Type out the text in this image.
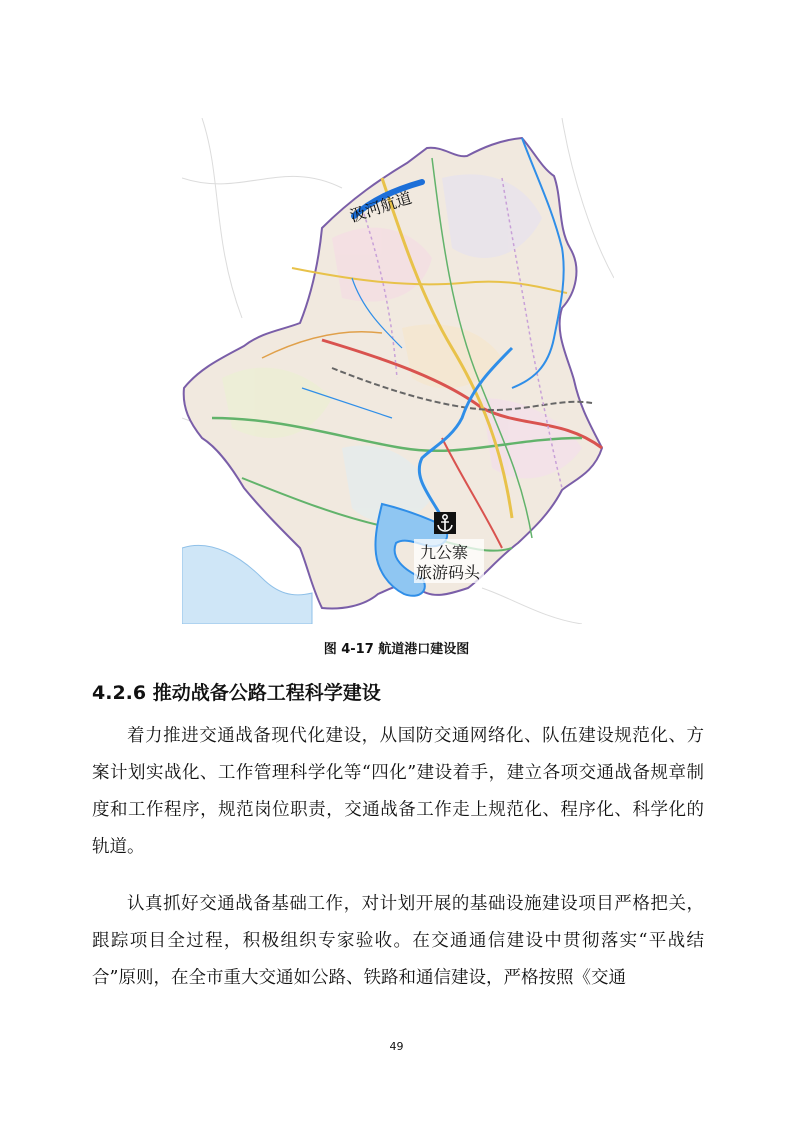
汲河航道
九公寨
旅游码头
图 4-17 航道港口建设图
4.2.6 推动战备公路工程科学建设

着力推进交通战备现代化建设，从国防交通网络化、队伍建设规范化、方案计划实战化、工作管理科学化等“四化”建设着手，建立各项交通战备规章制度和工作程序，规范岗位职责，交通战备工作走上规范化、程序化、科学化的轨道。

认真抓好交通战备基础工作，对计划开展的基础设施建设项目严格把关，跟踪项目全过程，积极组织专家验收。在交通通信建设中贯彻落实“平战结合”原则，在全市重大交通如公路、铁路和通信建设，严格按照《交通

49
